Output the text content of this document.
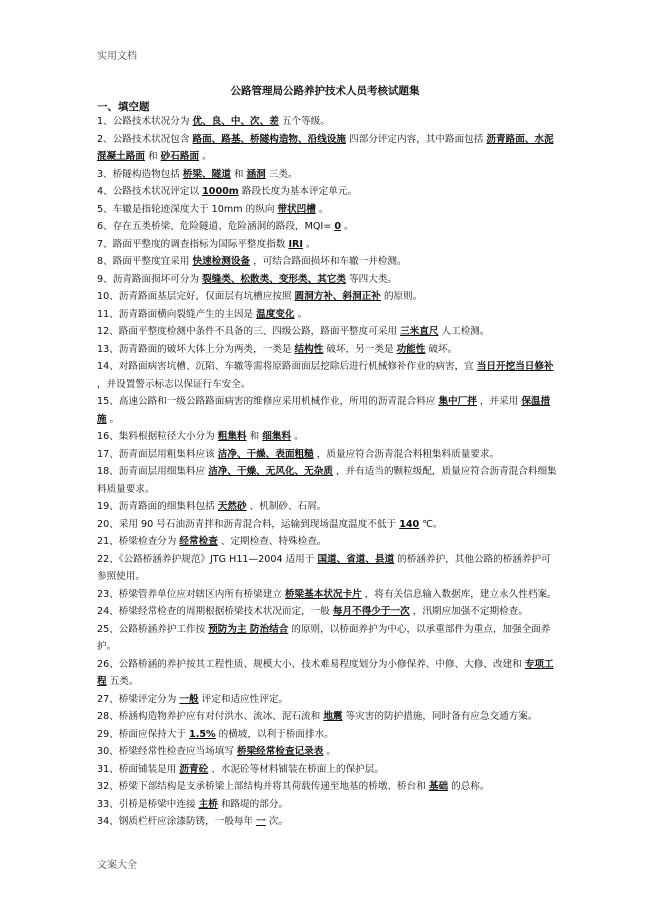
实用文档
公路管理局公路养护技术人员考核试题集
一、填空题

1、公路技术状况分为 优、良、中、次、差 五个等级。

2、公路技术状况包含 路面、路基、桥隧构造物、沿线设施 四部分评定内容，其中路面包括 沥青路面、水泥混凝土路面 和 砂石路面 。

3、桥隧构造物包括 桥梁、隧道 和 涵洞 三类。

4、公路技术状况评定以 1000m 路段长度为基本评定单元。

5、车辙是指轮迹深度大于 10mm 的纵向 带状凹槽 。

6、存在五类桥梁、危险隧道、危险涵洞的路段，MQI= 0 。

7、路面平整度的调查指标为国际平整度指数 IRI 。

8、路面平整度宜采用 快速检测设备 ，可结合路面损坏和车辙一并检测。

9、沥青路面损坏可分为 裂缝类、松散类、变形类、其它类 等四大类。

10、沥青路面基层完好，仅面层有坑槽应按照 圆洞方补、斜洞正补 的原则。

11、沥青路面横向裂缝产生的主因是 温度变化 。

12、路面平整度检测中条件不具备的三、四级公路，路面平整度可采用 三米直尺 人工检测。

13、沥青路面的破坏大体上分为两类，一类是 结构性 破坏，另一类是 功能性 破坏。

14、对路面病害坑槽、沉陷、车辙等需将原路面面层挖除后进行机械修补作业的病害，宜 当日开挖当日修补 ，并设置警示标志以保证行车安全。

15、高速公路和一级公路路面病害的维修应采用机械作业，所用的沥青混合料应 集中厂拌 ，并采用 保温措施 。

16、集料根据粒径大小分为 粗集料 和 细集料 。

17、沥青面层用粗集料应该 洁净、干燥、表面粗糙 ，质量应符合沥青混合料粗集料质量要求。

18、沥青面层用细集料应 洁净、干燥、无风化、无杂质 ，并有适当的颗粒级配，质量应符合沥青混合料细集料质量要求。

19、沥青路面的细集料包括 天然砂 、机制砂、石屑。

20、采用 90 号石油沥青拌和沥青混合料，运输到现场温度温度不低于 140 ℃。

21、桥梁检查分为 经常检查 、定期检查、特殊检查。

22、《公路桥涵养护规范》JTG H11—2004 适用于 国道、省道、县道 的桥涵养护，其他公路的桥涵养护可参照使用。

23、桥梁管养单位应对辖区内所有桥梁建立 桥梁基本状况卡片 ，将有关信息输入数据库，建立永久性档案。

24、桥梁经常检查的周期根据桥梁技术状况而定，一般 每月不得少于一次 ，汛期应加强不定期检查。

25、公路桥涵养护工作按 预防为主 防治结合 的原则，以桥面养护为中心，以承重部件为重点，加强全面养护。

26、公路桥涵的养护按其工程性质、规模大小、技术难易程度划分为小修保养、中修、大修、改建和 专项工程 五类。

27、桥梁评定分为 一般 评定和适应性评定。

28、桥涵构造物养护应有对付洪水、流冰、泥石流和 地震 等灾害的防护措施，同时备有应急交通方案。

29、桥面应保持大于 1.5% 的横坡，以利于桥面排水。

30、桥梁经常性检查应当场填写 桥梁经常检查记录表 。

31、桥面铺装是用 沥青砼 、水泥砼等材料铺装在桥面上的保护层。

32、桥梁下部结构是支承桥梁上部结构并将其荷载传递至地基的桥墩、桥台和 基础 的总称。

33、引桥是桥梁中连接 主桥 和路堤的部分。

34、钢质栏杆应涂漆防锈，一般每年 一 次。

文案大全
